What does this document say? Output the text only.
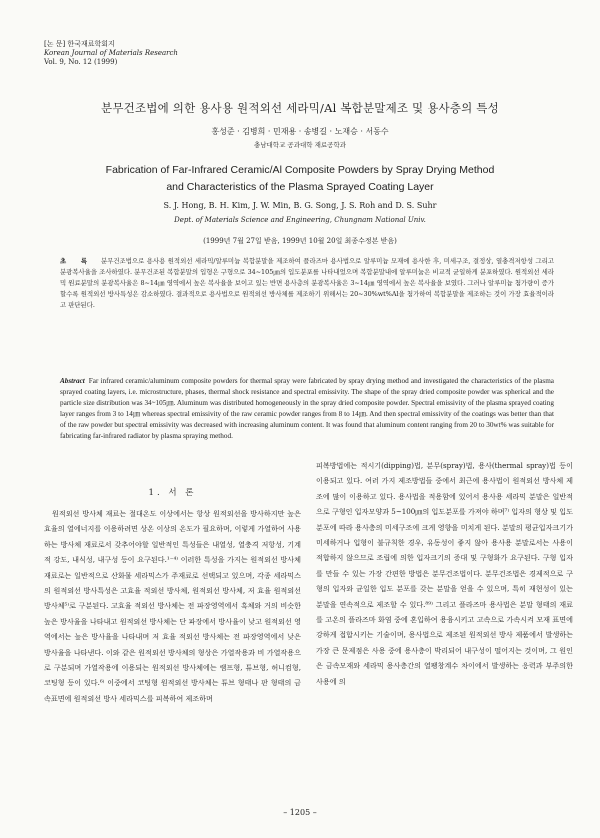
[논 문] 한국재료학회지
Korean Journal of Materials Research
Vol. 9, No. 12 (1999)
분무건조법에 의한 용사용 원적외선 세라믹/Al 복합분말제조 및 용사층의 특성
홍성준 · 김병희 · 민재용 · 송병길 · 노재승 · 서동수
충남대학교 공과대학 재료공학과
Fabrication of Far-Infrared Ceramic/Al Composite Powders by Spray Drying Method
and Characteristics of the Plasma Sprayed Coating Layer
S. J. Hong, B. H. Kim, J. W. Min, B. G. Song, J. S. Roh and D. S. Suhr
Dept. of Materials Science and Engineering, Chungnam National Univ.
(1999년 7월 27일 받음, 1999년 10월 20일 최종수정본 받음)
초 록 분무건조법으로 용사용 원적외선 세라믹/알루미늄 복합분말을 제조하여 플라즈마 용사법으로 알루미늄 모재에 용사한 후, 미세구조, 결정상, 열충격저항성 그리고 분광복사율을 조사하였다. 분무건조된 복합분말의 입형은 구형으로 34~105㎛의 입도분포를 나타내었으며 복합분말내에 알루미늄은 비교적 균일하게 분포하였다. 원적외선 세라믹 원료분말의 분광복사율은 8~14㎛ 영역에서 높은 복사율을 보이고 있는 반면 용사층의 분광복사율은 3~14㎛ 영역에서 높은 복사율을 보였다. 그러나 알루미늄 첨가량이 증가할수록 원적외선 방사특성은 감소하였다. 결과적으로 용사법으로 원적외선 방사체를 제조하기 위해서는 20~30%wt%Al을 첨가하여 복합분말을 제조하는 것이 가장 효율적이라고 판단된다.
Abstract Far infrared ceramic/aluminum composite powders for thermal spray were fabricated by spray drying method and investigated the characteristics of the plasma sprayed coating layers, i.e. microstructure, phases, thermal shock resistance and spectral emissivity. The shape of the spray dried composite powder was spherical and the particle size distribution was 34~105㎛. Aluminum was distributed homogeneously in the spray dried composite powder. Spectral emissivity of the plasma sprayed coating layer ranges from 3 to 14㎛ whereas spectral emissivity of the raw ceramic powder ranges from 8 to 14㎛. And then spectral emissivity of the coatings was better than that of the raw powder but spectral emissivity was decreased with increasing aluminum content. It was found that aluminum content ranging from 20 to 30wt% was suitable for fabricating far-infrared radiator by plasma spraying method.
1. 서 론

원적외선 방사체 재료는 절대온도 이상에서는 항상 원적외선을 방사하지만 높은 효율의 열에너지를 이용하려면 상온 이상의 온도가 필요하며, 이렇게 가열하여 사용하는 방사체 재료로서 갖추어야할 일반적인 특성들은 내열성, 열충격 저항성, 기계적 강도, 내식성, 내구성 등이 요구된다.¹⁻⁴⁾ 이러한 특성을 가지는 원적외선 방사체 재료로는 일반적으로 산화물 세라믹스가 주재료로 선택되고 있으며, 각종 세라믹스의 원적외선 방사특성은 고효율 적외선 방사체, 원적외선 방사체, 저 효율 원적외선 방사체⁵⁾로 구분된다. 고효율 적외선 방사체는 전 파장영역에서 흑체와 거의 비슷한 높은 방사율을 나타내고 원적외선 방사체는 단 파장에서 방사율이 낮고 원적외선 영역에서는 높은 방사율을 나타내며 저 효율 적외선 방사체는 전 파장영역에서 낮은 방사율을 나타낸다. 이와 같은 원적외선 방사체의 형상은 가열작용과 비 가열작용으로 구분되며 가열작용에 이용되는 원적외선 방사체에는 램프형, 튜브형, 허니컴형, 코팅형 등이 있다.⁶⁾ 이중에서 코팅형 원적외선 방사체는 튜브 형태나 판 형태의 금속표면에 원적외선 방사 세라믹스를 피복하여 제조하며

피복방법에는 적시기(dipping)법, 분무(spray)법, 용사(thermal spray)법 등이 이용되고 있다. 여러 가지 제조방법들 중에서 최근에 용사법이 원적외선 방사체 제조에 많이 이용하고 있다. 용사법을 적용함에 있어서 용사용 세라믹 분말은 일반적으로 구형인 입자모양과 5~100㎛의 입도분포를 가져야 하며⁷⁾ 입자의 형상 및 입도 분포에 따라 용사층의 미세구조에 크게 영향을 미치게 된다. 분말의 평균입자크기가 미세하거나 입형이 불규칙한 경우, 유동성이 좋지 않아 용사용 분말로서는 사용이 적합하지 않으므로 조립에 의한 입자크기의 증대 및 구형화가 요구된다. 구형 입자를 만들 수 있는 가장 간편한 방법은 분무건조법이다. 분무건조법은 경제적으로 구형의 입자와 균일한 입도 분포를 갖는 분말을 얻을 수 있으며, 특히 재현성이 있는 분말을 연속적으로 제조할 수 있다.⁸⁹⁾ 그리고 플라즈마 용사법은 분말 형태의 재료를 고온의 플라즈마 화염 중에 혼입하여 용융시키고 고속으로 가속시켜 모재 표면에 강하게 접합시키는 기술이며, 용사법으로 제조된 원적외선 방사 제품에서 발생하는 가장 큰 문제점은 사용 중에 용사층이 박리되어 내구성이 떨어지는 것이며, 그 원인은 금속모재와 세라믹 용사층간의 열팽창계수 차이에서 발생하는 응력과 부주의한 사용에 의

– 1205 –
